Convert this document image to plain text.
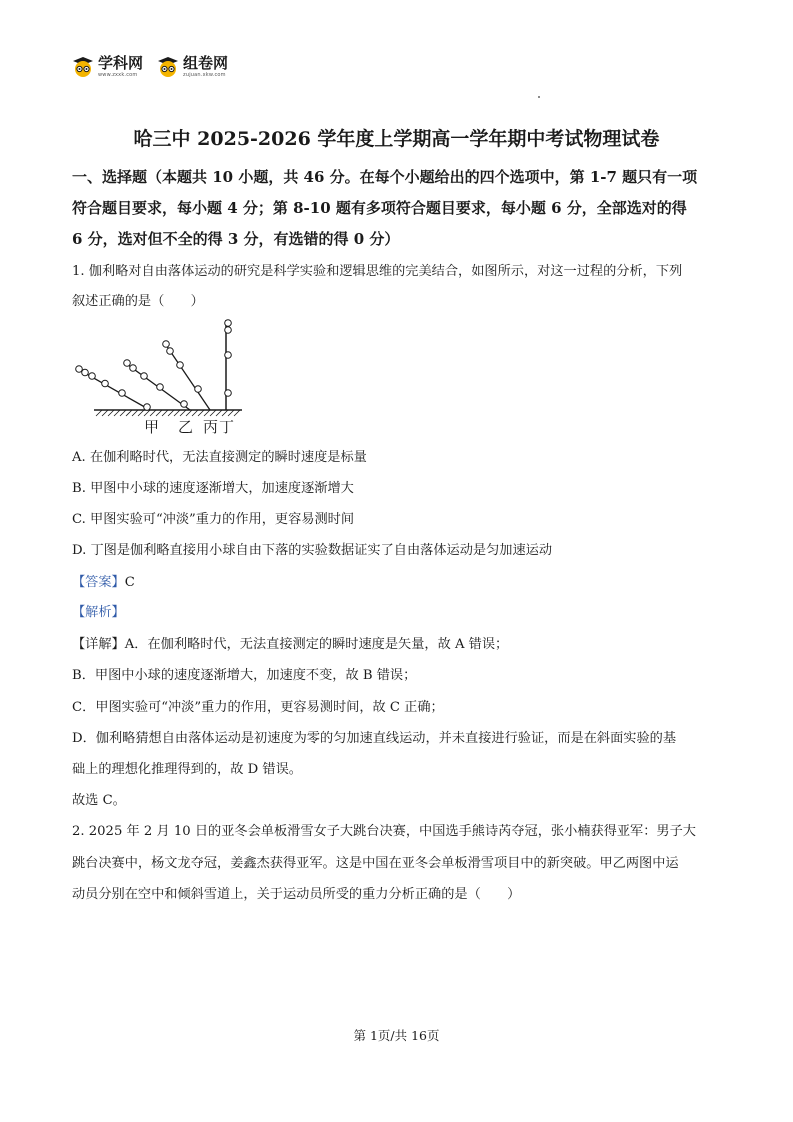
学科网
www.zxxk.com
组卷网
zujuan.xkw.com
哈三中 2025-2026 学年度上学期高一学年期中考试物理试卷
一、选择题（本题共 10 小题，共 46 分。在每个小题给出的四个选项中，第 1-7 题只有一项
符合题目要求，每小题 4 分；第 8-10 题有多项符合题目要求，每小题 6 分，全部选对的得
6 分，选对但不全的得 3 分，有选错的得 0 分）
1. 伽利略对自由落体运动的研究是科学实验和逻辑思维的完美结合，如图所示，对这一过程的分析，下列
叙述正确的是（　　）
甲 乙 丙 丁
A. 在伽利略时代，无法直接测定的瞬时速度是标量
B. 甲图中小球的速度逐渐增大，加速度逐渐增大
C. 甲图实验可“冲淡”重力的作用，更容易测时间
D. 丁图是伽利略直接用小球自由下落的实验数据证实了自由落体运动是匀加速运动
【答案】C
【解析】
【详解】A．在伽利略时代，无法直接测定的瞬时速度是矢量，故 A 错误；
B．甲图中小球的速度逐渐增大，加速度不变，故 B 错误；
C．甲图实验可“冲淡”重力的作用，更容易测时间，故 C 正确；
D．伽利略猜想自由落体运动是初速度为零的匀加速直线运动，并未直接进行验证，而是在斜面实验的基
础上的理想化推理得到的，故 D 错误。
故选 C。
2. 2025 年 2 月 10 日的亚冬会单板滑雪女子大跳台决赛，中国选手熊诗芮夺冠，张小楠获得亚军：男子大
跳台决赛中，杨文龙夺冠，姜鑫杰获得亚军。这是中国在亚冬会单板滑雪项目中的新突破。甲乙两图中运
动员分别在空中和倾斜雪道上，关于运动员所受的重力分析正确的是（　　）
第 1页/共 16页
